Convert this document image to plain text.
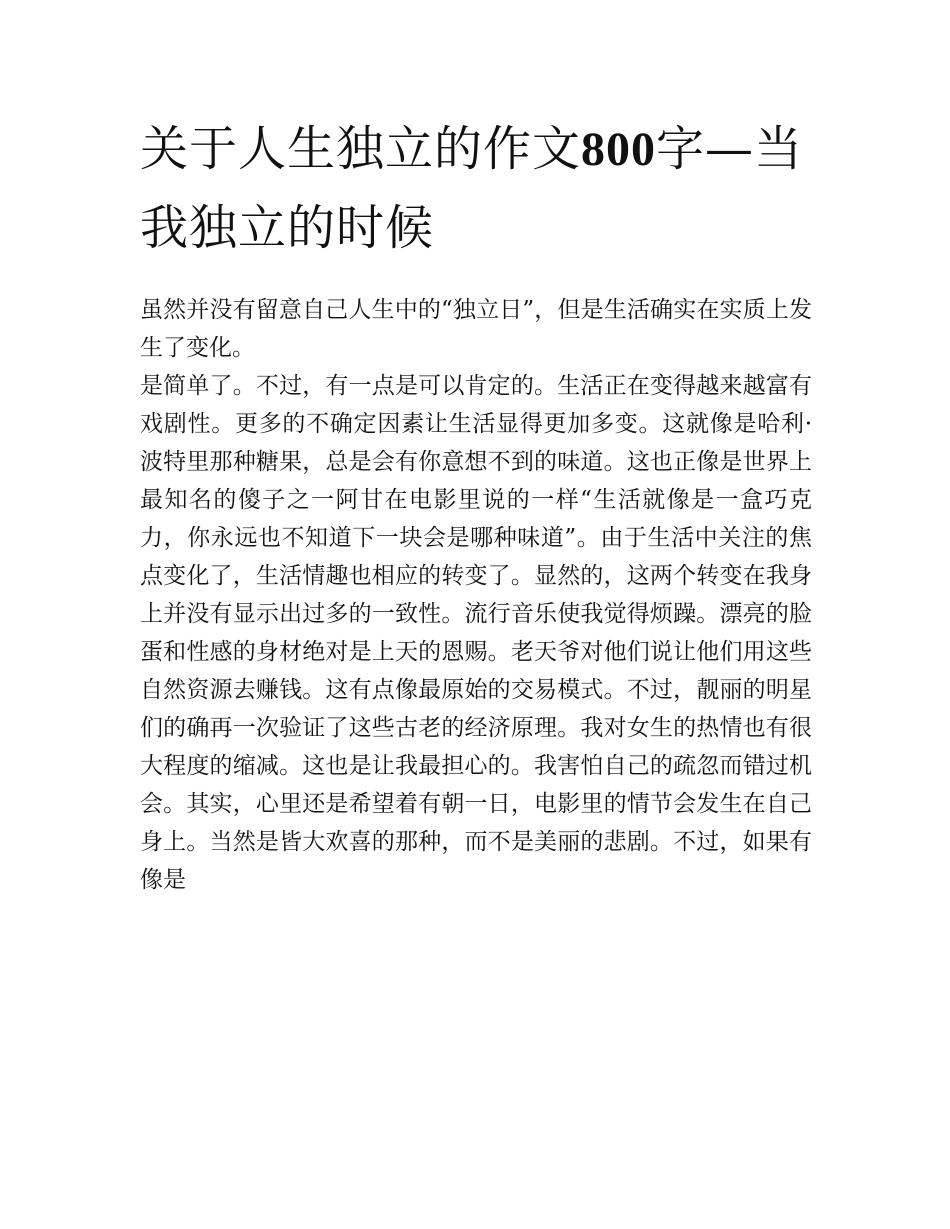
关于人生独立的作文800字—当我独立的时候

虽然并没有留意自己人生中的“独立日”，但是生活确实在实质上发生了变化。

是简单了。不过，有一点是可以肯定的。生活正在变得越来越富有戏剧性。更多的不确定因素让生活显得更加多变。这就像是哈利·波特里那种糖果，总是会有你意想不到的味道。这也正像是世界上最知名的傻子之一阿甘在电影里说的一样“生活就像是一盒巧克力，你永远也不知道下一块会是哪种味道”。由于生活中关注的焦点变化了，生活情趣也相应的转变了。显然的，这两个转变在我身上并没有显示出过多的一致性。流行音乐使我觉得烦躁。漂亮的脸蛋和性感的身材绝对是上天的恩赐。老天爷对他们说让他们用这些自然资源去赚钱。这有点像最原始的交易模式。不过，靓丽的明星们的确再一次验证了这些古老的经济原理。我对女生的热情也有很大程度的缩减。这也是让我最担心的。我害怕自己的疏忽而错过机会。其实，心里还是希望着有朝一日，电影里的情节会发生在自己身上。当然是皆大欢喜的那种，而不是美丽的悲剧。不过，如果有像是
